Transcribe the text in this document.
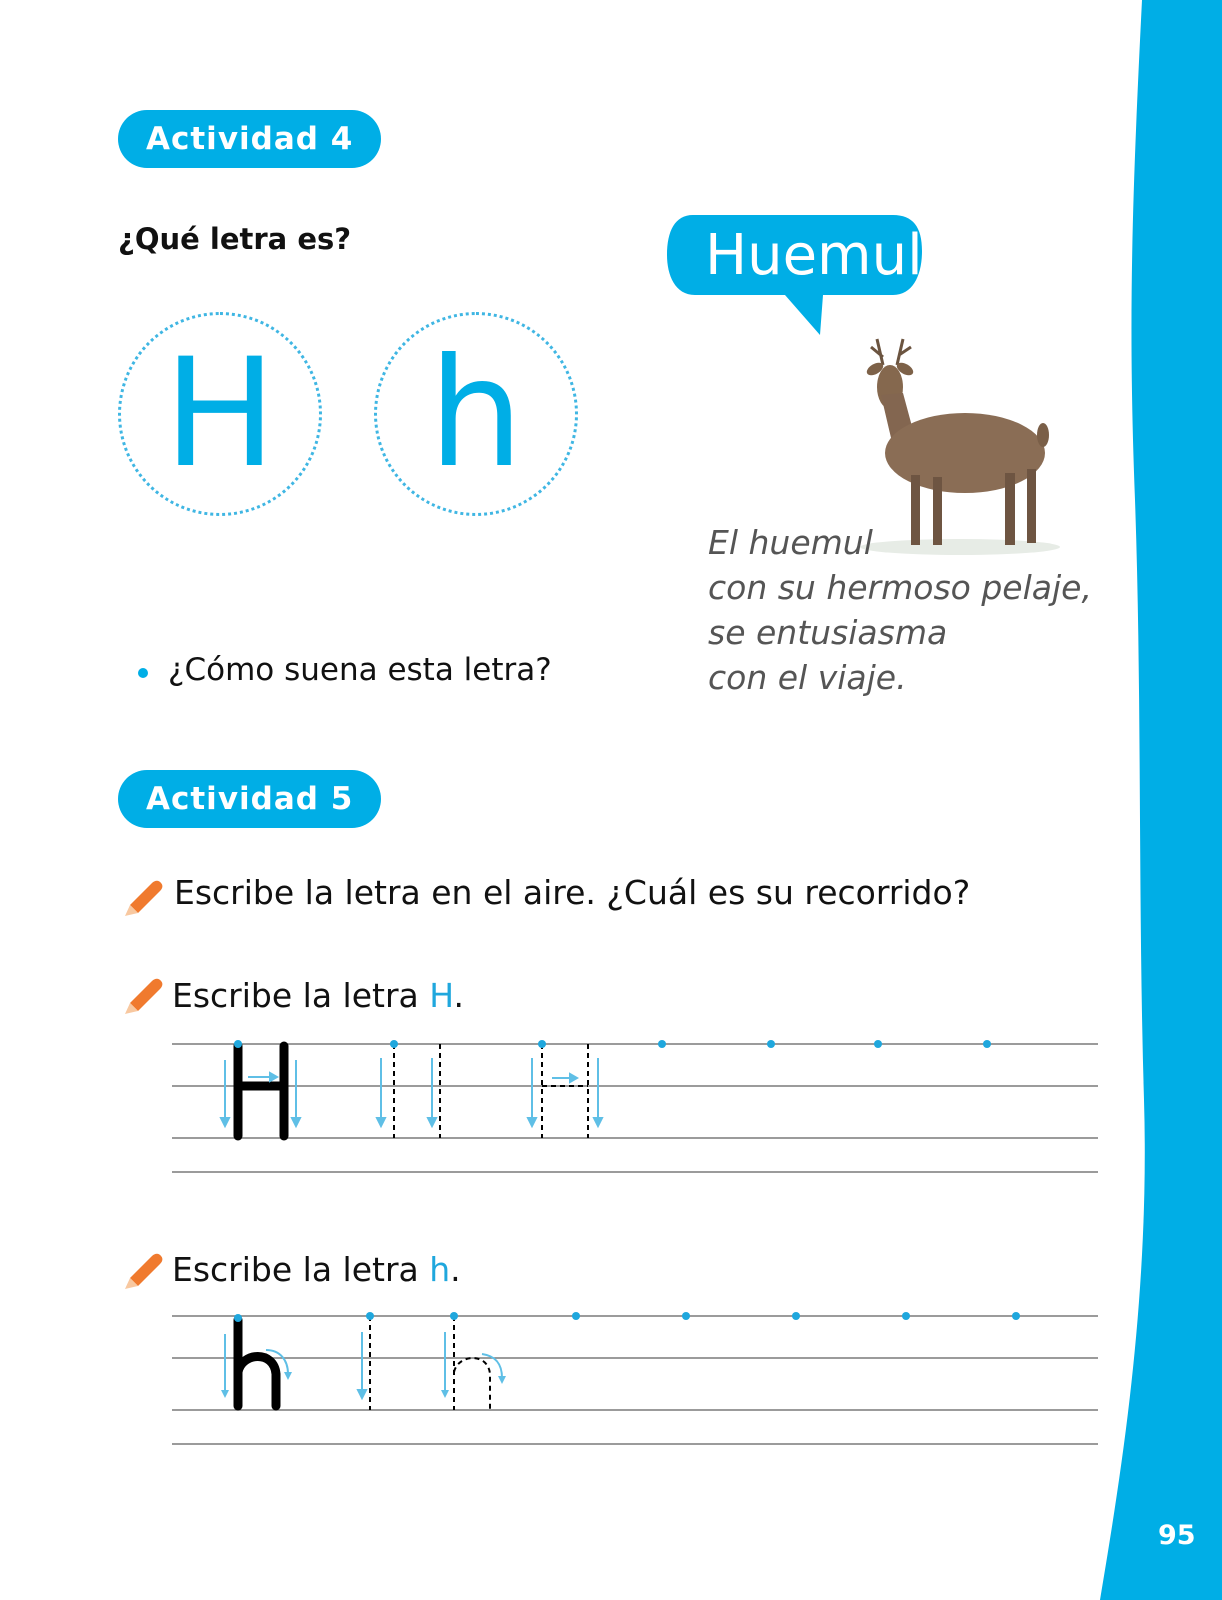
95
Actividad 4
¿Qué letra es?
H h
¿Cómo suena esta letra?
Huemul
El huemul
con su hermoso pelaje,
se entusiasma
con el viaje.
Actividad 5
Escribe la letra en el aire. ¿Cuál es su recorrido?
Escribe la letra H.
Escribe la letra h.
